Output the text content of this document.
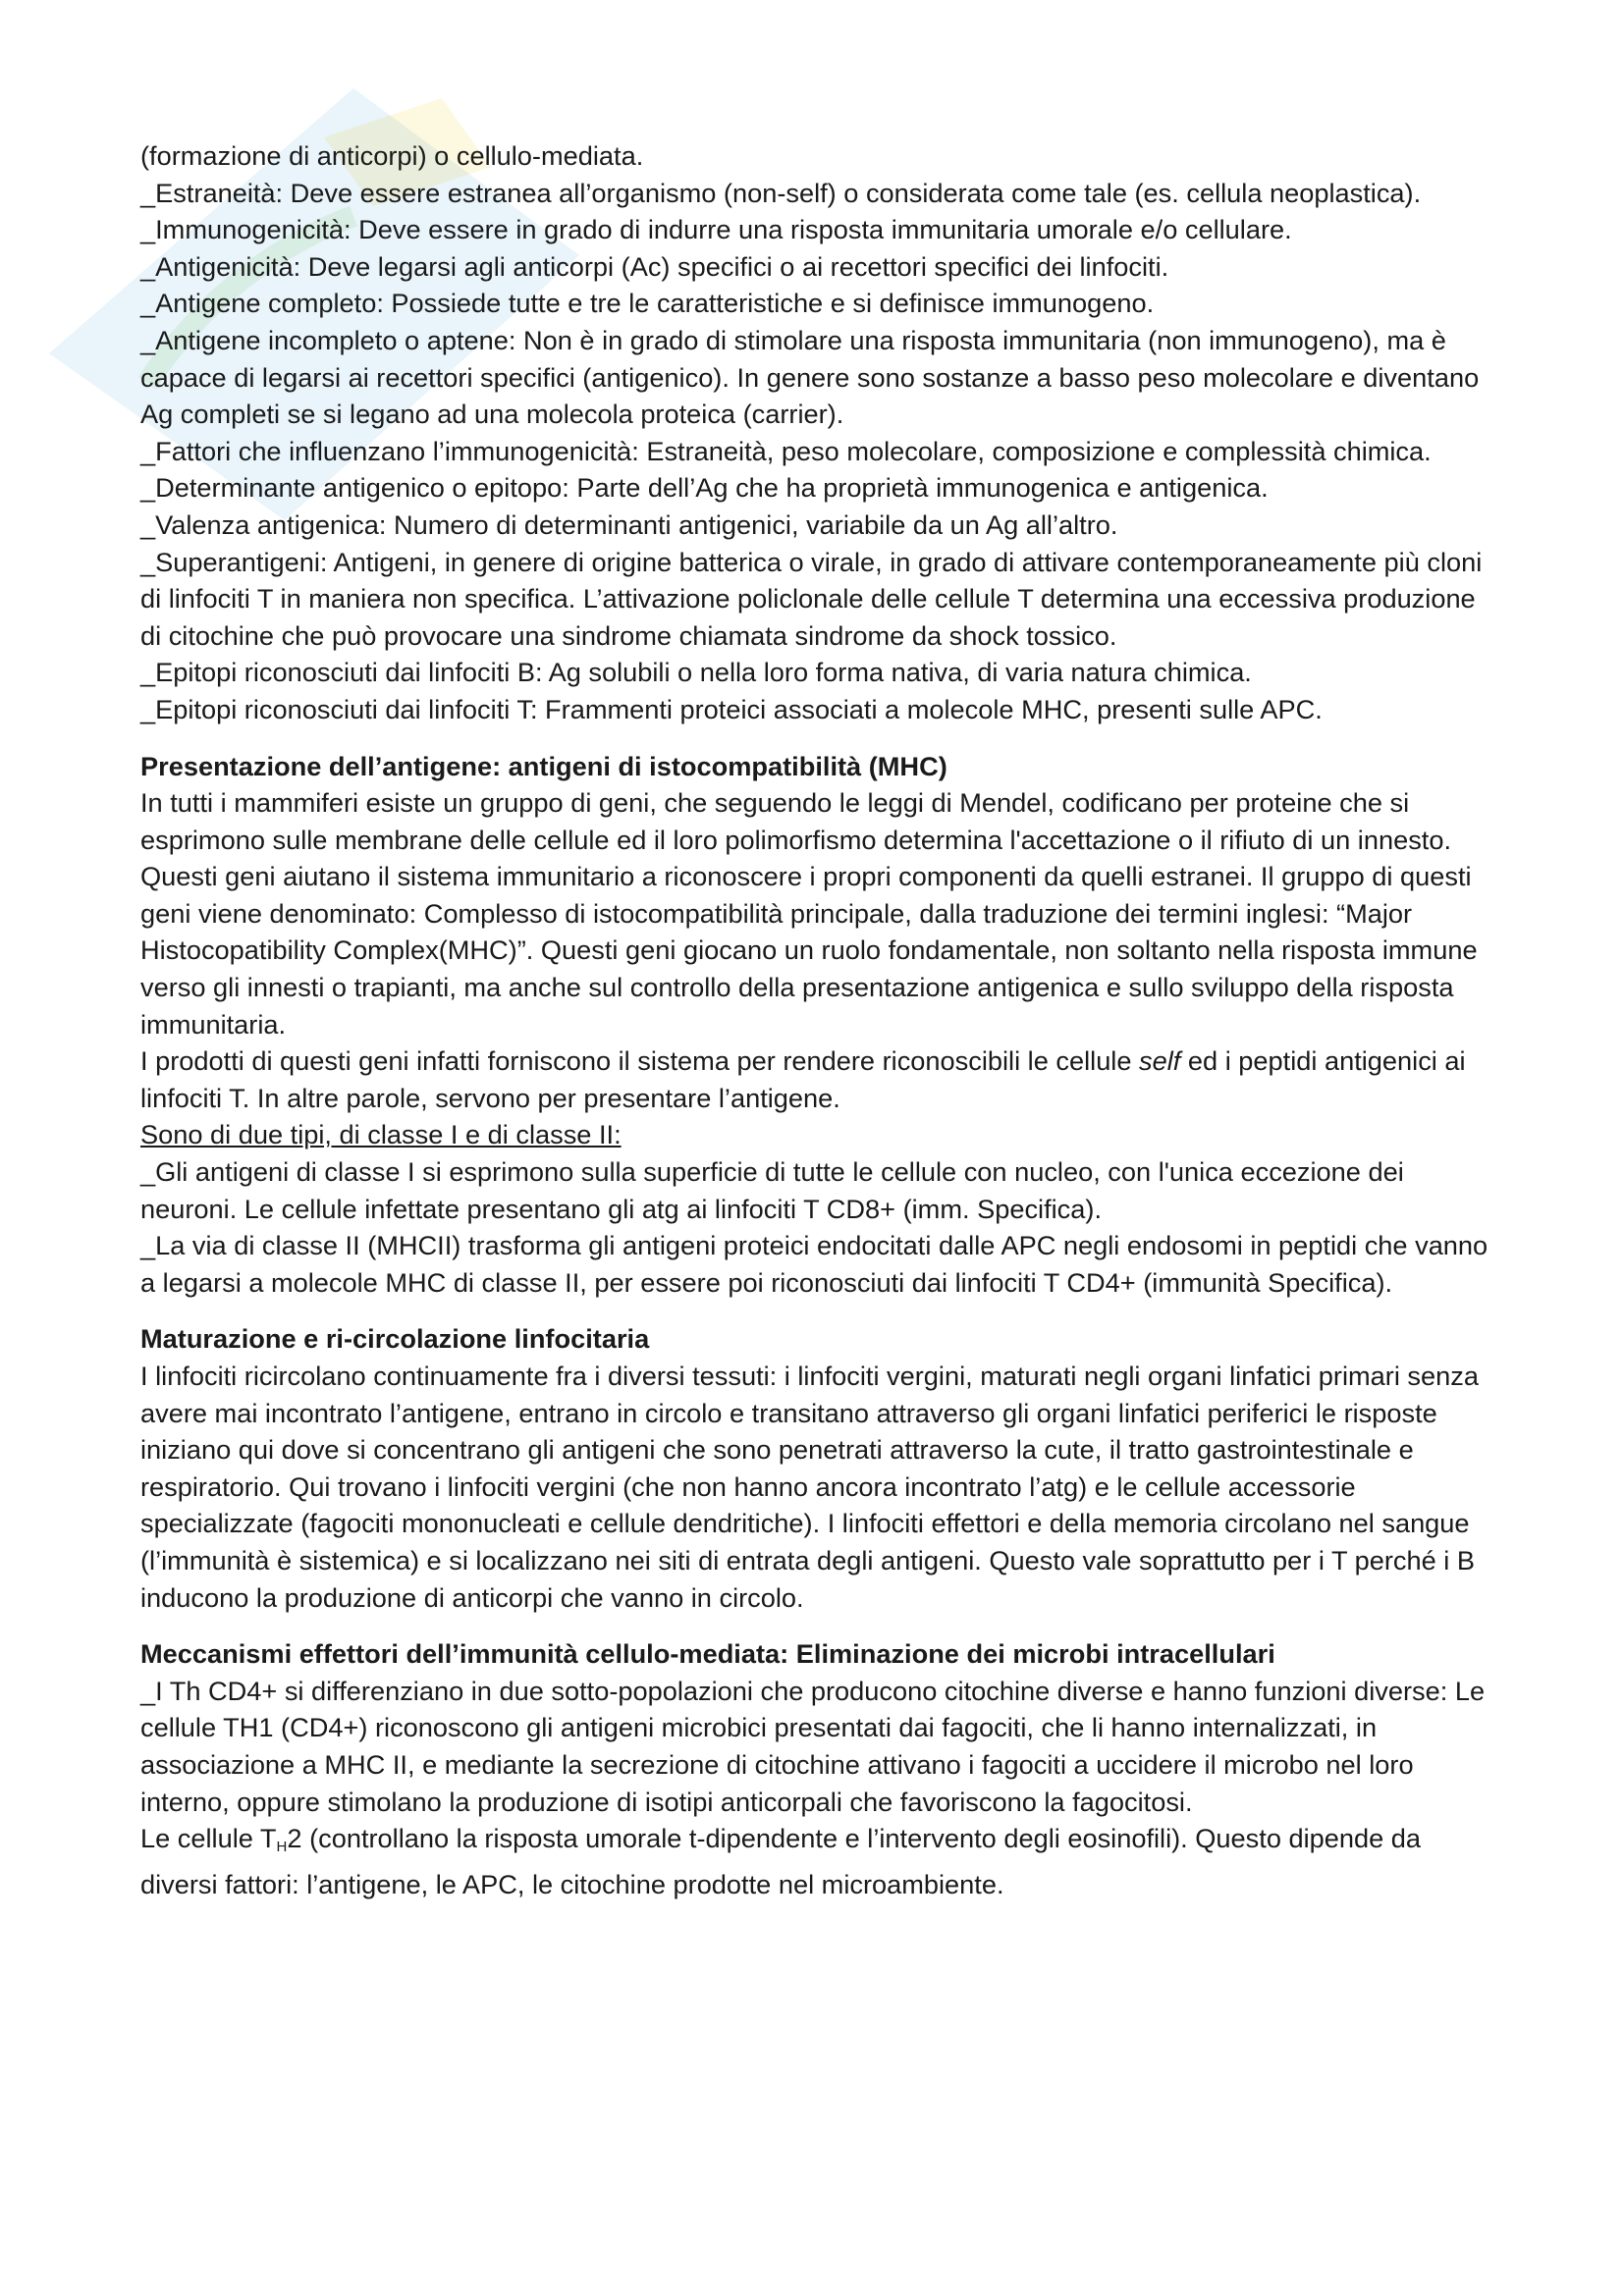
(formazione di anticorpi) o cellulo-mediata.

_Estraneità: Deve essere estranea all’organismo (non-self) o considerata come tale (es. cellula neoplastica).

_Immunogenicità: Deve essere in grado di indurre una risposta immunitaria umorale e/o cellulare.

_Antigenicità: Deve legarsi agli anticorpi (Ac) specifici o ai recettori specifici dei linfociti.

_Antigene completo: Possiede tutte e tre le caratteristiche e si definisce immunogeno.

_Antigene incompleto o aptene: Non è in grado di stimolare una risposta immunitaria (non immunogeno), ma è capace di legarsi ai recettori specifici (antigenico). In genere sono sostanze a basso peso molecolare e diventano Ag completi se si legano ad una molecola proteica (carrier).

_Fattori che influenzano l’immunogenicità: Estraneità, peso molecolare, composizione e complessità chimica.

_Determinante antigenico o epitopo: Parte dell’Ag che ha proprietà immunogenica e antigenica.

_Valenza antigenica: Numero di determinanti antigenici, variabile da un Ag all’altro.

_Superantigeni: Antigeni, in genere di origine batterica o virale, in grado di attivare contemporaneamente più cloni di linfociti T in maniera non specifica. L’attivazione policlonale delle cellule T determina una eccessiva produzione di citochine che può provocare una sindrome chiamata sindrome da shock tossico.

_Epitopi riconosciuti dai linfociti B: Ag solubili o nella loro forma nativa, di varia natura chimica.

_Epitopi riconosciuti dai linfociti T: Frammenti proteici associati a molecole MHC, presenti sulle APC.

Presentazione dell’antigene: antigeni di istocompatibilità (MHC)

In tutti i mammiferi esiste un gruppo di geni, che seguendo le leggi di Mendel, codificano per proteine che si esprimono sulle membrane delle cellule ed il loro polimorfismo determina l'accettazione o il rifiuto di un innesto. Questi geni aiutano il sistema immunitario a riconoscere i propri componenti da quelli estranei. Il gruppo di questi geni viene denominato: Complesso di istocompatibilità principale, dalla traduzione dei termini inglesi: “Major Histocopatibility Complex(MHC)”. Questi geni giocano un ruolo fondamentale, non soltanto nella risposta immune verso gli innesti o trapianti, ma anche sul controllo della presentazione antigenica e sullo sviluppo della risposta immunitaria.

I prodotti di questi geni infatti forniscono il sistema per rendere riconoscibili le cellule self ed i peptidi antigenici ai linfociti T. In altre parole, servono per presentare l’antigene.

Sono di due tipi, di classe I e di classe II:

_Gli antigeni di classe I si esprimono sulla superficie di tutte le cellule con nucleo, con l'unica eccezione dei neuroni. Le cellule infettate presentano gli atg ai linfociti T CD8+ (imm. Specifica).

_La via di classe II (MHCII) trasforma gli antigeni proteici endocitati dalle APC negli endosomi in peptidi che vanno a legarsi a molecole MHC di classe II, per essere poi riconosciuti dai linfociti T CD4+ (immunità Specifica).

Maturazione e ri-circolazione linfocitaria

I linfociti ricircolano continuamente fra i diversi tessuti: i linfociti vergini, maturati negli organi linfatici primari senza avere mai incontrato l’antigene, entrano in circolo e transitano attraverso gli organi linfatici periferici le risposte iniziano qui dove si concentrano gli antigeni che sono penetrati attraverso la cute, il tratto gastrointestinale e respiratorio. Qui trovano i linfociti vergini (che non hanno ancora incontrato l’atg) e le cellule accessorie specializzate (fagociti mononucleati e cellule dendritiche). I linfociti effettori e della memoria circolano nel sangue (l’immunità è sistemica) e si localizzano nei siti di entrata degli antigeni. Questo vale soprattutto per i T perché i B inducono la produzione di anticorpi che vanno in circolo.

Meccanismi effettori dell’immunità cellulo-mediata: Eliminazione dei microbi intracellulari

_I Th CD4+ si differenziano in due sotto-popolazioni che producono citochine diverse e hanno funzioni diverse: Le cellule TH1 (CD4+) riconoscono gli antigeni microbici presentati dai fagociti, che li hanno internalizzati, in associazione a MHC II, e mediante la secrezione di citochine attivano i fagociti a uccidere il microbo nel loro interno, oppure stimolano la produzione di isotipi anticorpali che favoriscono la fagocitosi.

Le cellule $T_H2$ (controllano la risposta umorale t-dipendente e l’intervento degli eosinofili). Questo dipende da diversi fattori: l’antigene, le APC, le citochine prodotte nel microambiente.
